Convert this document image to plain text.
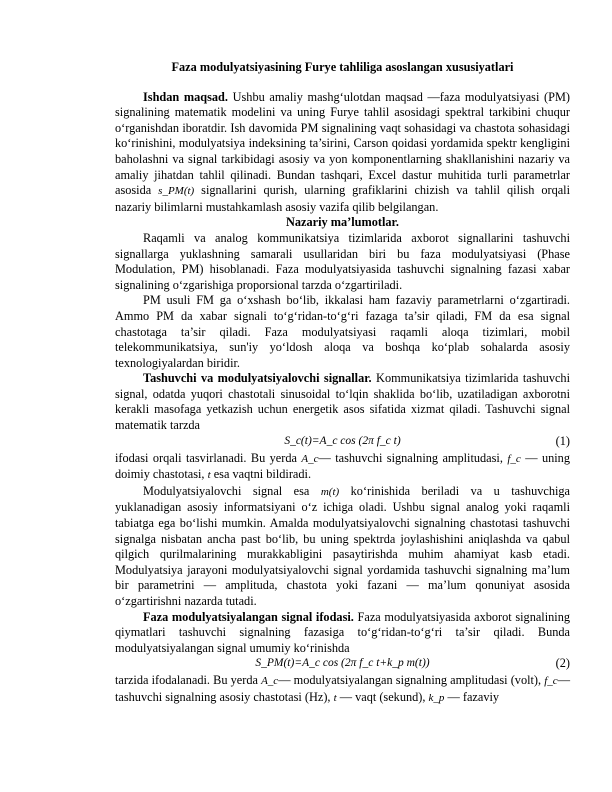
Faza modulyatsiyasining Furye tahliliga asoslangan xususiyatlari

Ishdan maqsad. Ushbu amaliy mashg‘ulotdan maqsad —faza modulyatsiyasi (PM) signalining matematik modelini va uning Furye tahlil asosidagi spektral tarkibini chuqur o‘rganishdan iboratdir. Ish davomida PM signalining vaqt sohasidagi va chastota sohasidagi ko‘rinishini, modulyatsiya indeksining ta’sirini, Carson qoidasi yordamida spektr kengligini baholashni va signal tarkibidagi asosiy va yon komponentlarning shakllanishini nazariy va amaliy jihatdan tahlil qilinadi. Bundan tashqari, Excel dastur muhitida turli parametrlar asosida s_PM(t) signallarini qurish, ularning grafiklarini chizish va tahlil qilish orqali nazariy bilimlarni mustahkamlash asosiy vazifa qilib belgilangan.

Nazariy ma’lumotlar.

Raqamli va analog kommunikatsiya tizimlarida axborot signallarini tashuvchi signallarga yuklashning samarali usullaridan biri bu faza modulyatsiyasi (Phase Modulation, PM) hisoblanadi. Faza modulyatsiyasida tashuvchi signalning fazasi xabar signalining o‘zgarishiga proporsional tarzda o‘zgartiriladi.

PM usuli FM ga o‘xshash bo‘lib, ikkalasi ham fazaviy parametrlarni o‘zgartiradi. Ammo PM da xabar signali to‘g‘ridan-to‘g‘ri fazaga ta’sir qiladi, FM da esa signal chastotaga ta’sir qiladi. Faza modulyatsiyasi raqamli aloqa tizimlari, mobil telekommunikatsiya, sun'iy yo‘ldosh aloqa va boshqa ko‘plab sohalarda asosiy texnologiyalardan biridir.

Tashuvchi va modulyatsiyalovchi signallar. Kommunikatsiya tizimlarida tashuvchi signal, odatda yuqori chastotali sinusoidal to‘lqin shaklida bo‘lib, uzatiladigan axborotni kerakli masofaga yetkazish uchun energetik asos sifatida xizmat qiladi. Tashuvchi signal matematik tarzda

S_c(t)=A_c cos (2π f_c t)	(1)

ifodasi orqali tasvirlanadi. Bu yerda A_c— tashuvchi signalning amplitudasi, f_c — uning doimiy chastotasi, t esa vaqtni bildiradi.

Modulyatsiyalovchi signal esa m(t) ko‘rinishida beriladi va u tashuvchiga yuklanadigan asosiy informatsiyani o‘z ichiga oladi. Ushbu signal analog yoki raqamli tabiatga ega bo‘lishi mumkin. Amalda modulyatsiyalovchi signalning chastotasi tashuvchi signalga nisbatan ancha past bo‘lib, bu uning spektrda joylashishini aniqlashda va qabul qilgich qurilmalarining murakkabligini pasaytirishda muhim ahamiyat kasb etadi. Modulyatsiya jarayoni modulyatsiyalovchi signal yordamida tashuvchi signalning ma’lum bir parametrini — amplituda, chastota yoki fazani — ma’lum qonuniyat asosida o‘zgartirishni nazarda tutadi.

Faza modulyatsiyalangan signal ifodasi. Faza modulyatsiyasida axborot signalining qiymatlari tashuvchi signalning fazasiga to‘g‘ridan-to‘g‘ri ta’sir qiladi. Bunda modulyatsiyalangan signal umumiy ko‘rinishda

S_PM(t)=A_c cos (2π f_c t+k_p m(t))	(2)

tarzida ifodalanadi. Bu yerda A_c— modulyatsiyalangan signalning amplitudasi (volt), f_c— tashuvchi signalning asosiy chastotasi (Hz), t — vaqt (sekund), k_p — fazaviy
